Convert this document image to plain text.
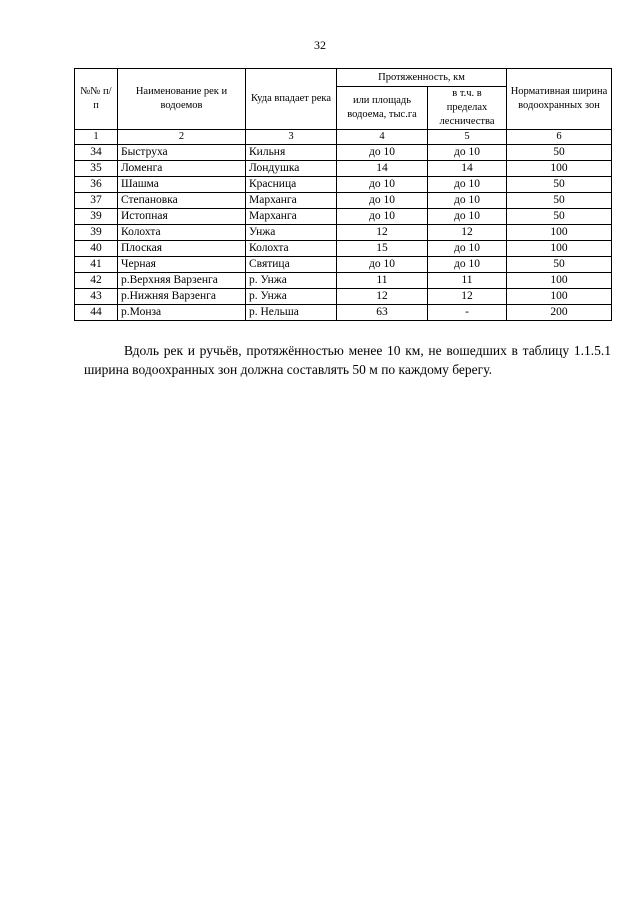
32
№№ п/п	Наименование рек и водоемов	Куда впадает река	Протяженность, км		Нормативная ширина водоохранных зон
			или площадь водоема, тыс.га	в т.ч. в пределах лесничества	
1	2	3	4	5	6
34	Быструха	Кильня	до 10	до 10	50
35	Ломенга	Лондушка	14	14	100
36	Шашма	Красница	до 10	до 10	50
37	Степановка	Марханга	до 10	до 10	50
39	Истопная	Марханга	до 10	до 10	50
39	Колохта	Унжа	12	12	100
40	Плоская	Колохта	15	до 10	100
41	Черная	Святица	до 10	до 10	50
42	р.Верхняя Варзенга	р. Унжа	11	11	100
43	р.Нижняя Варзенга	р. Унжа	12	12	100
44	р.Монза	р. Нельша	63	-	200

Вдоль рек и ручьёв, протяжённостью менее 10 км, не вошедших в таблицу 1.1.5.1 ширина водоохранных зон должна составлять 50 м по каждому берегу.
